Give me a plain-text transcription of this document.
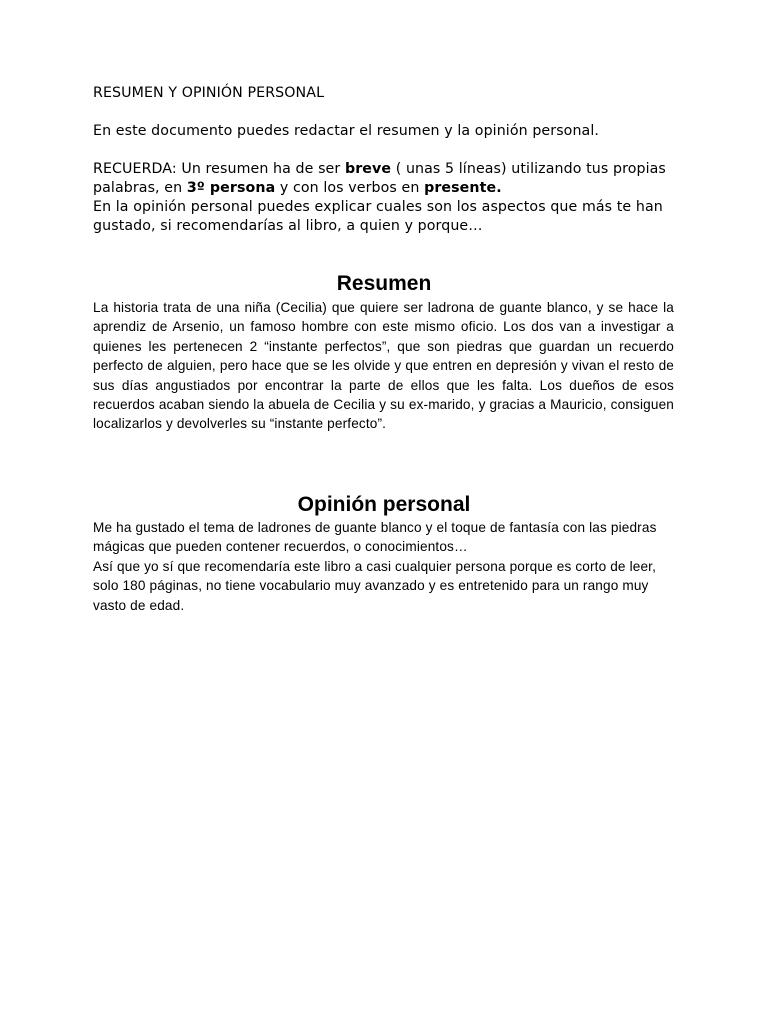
RESUMEN Y OPINIÓN PERSONAL

En este documento puedes redactar el resumen y la opinión personal.

RECUERDA: Un resumen ha de ser breve ( unas 5 líneas) utilizando tus propias palabras, en 3º persona y con los verbos en presente.

En la opinión personal puedes explicar cuales son los aspectos que más te han gustado, si recomendarías al libro, a quien y porque…

Resumen

La historia trata de una niña (Cecilia) que quiere ser ladrona de guante blanco, y se hace la aprendiz de Arsenio, un famoso hombre con este mismo oficio. Los dos van a investigar a quienes les pertenecen 2 “instante perfectos”, que son piedras que guardan un recuerdo perfecto de alguien, pero hace que se les olvide y que entren en depresión y vivan el resto de sus días angustiados por encontrar la parte de ellos que les falta. Los dueños de esos recuerdos acaban siendo la abuela de Cecilia y su ex-marido, y gracias a Mauricio, consiguen localizarlos y devolverles su “instante perfecto”.

Opinión personal

Me ha gustado el tema de ladrones de guante blanco y el toque de fantasía con las piedras mágicas que pueden contener recuerdos, o conocimientos…

Así que yo sí que recomendaría este libro a casi cualquier persona porque es corto de leer, solo 180 páginas, no tiene vocabulario muy avanzado y es entretenido para un rango muy vasto de edad.
